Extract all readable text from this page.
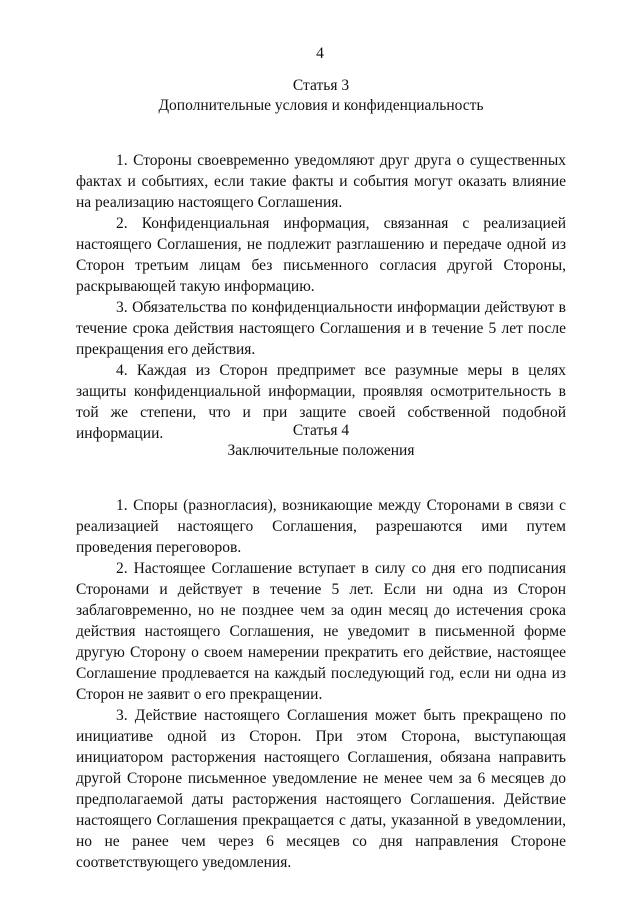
4
Статья 3
Дополнительные условия и конфиденциальность
1. Стороны своевременно уведомляют друг друга о существенных фактах и событиях, если такие факты и события могут оказать влияние на реализацию настоящего Соглашения.
2. Конфиденциальная информация, связанная с реализацией настоящего Соглашения, не подлежит разглашению и передаче одной из Сторон третьим лицам без письменного согласия другой Стороны, раскрывающей такую информацию.
3. Обязательства по конфиденциальности информации действуют в течение срока действия настоящего Соглашения и в течение 5 лет после прекращения его действия.
4. Каждая из Сторон предпримет все разумные меры в целях защиты конфиденциальной информации, проявляя осмотрительность в той же степени, что и при защите своей собственной подобной информации.	Статья 4
Заключительные положения
1. Споры (разногласия), возникающие между Сторонами в связи с реализацией настоящего Соглашения, разрешаются ими путем проведения переговоров.
2. Настоящее Соглашение вступает в силу со дня его подписания Сторонами и действует в течение 5 лет. Если ни одна из Сторон заблаговременно, но не позднее чем за один месяц до истечения срока действия настоящего Соглашения, не уведомит в письменной форме другую Сторону о своем намерении прекратить его действие, настоящее Соглашение продлевается на каждый последующий год, если ни одна из Сторон не заявит о его прекращении.
3. Действие настоящего Соглашения может быть прекращено по инициативе одной из Сторон. При этом Сторона, выступающая инициатором расторжения настоящего Соглашения, обязана направить другой Стороне письменное уведомление не менее чем за 6 месяцев до предполагаемой даты расторжения настоящего Соглашения. Действие настоящего Соглашения прекращается с даты, указанной в уведомлении, но не ранее чем через 6 месяцев со дня направления Стороне соответствующего уведомления.
